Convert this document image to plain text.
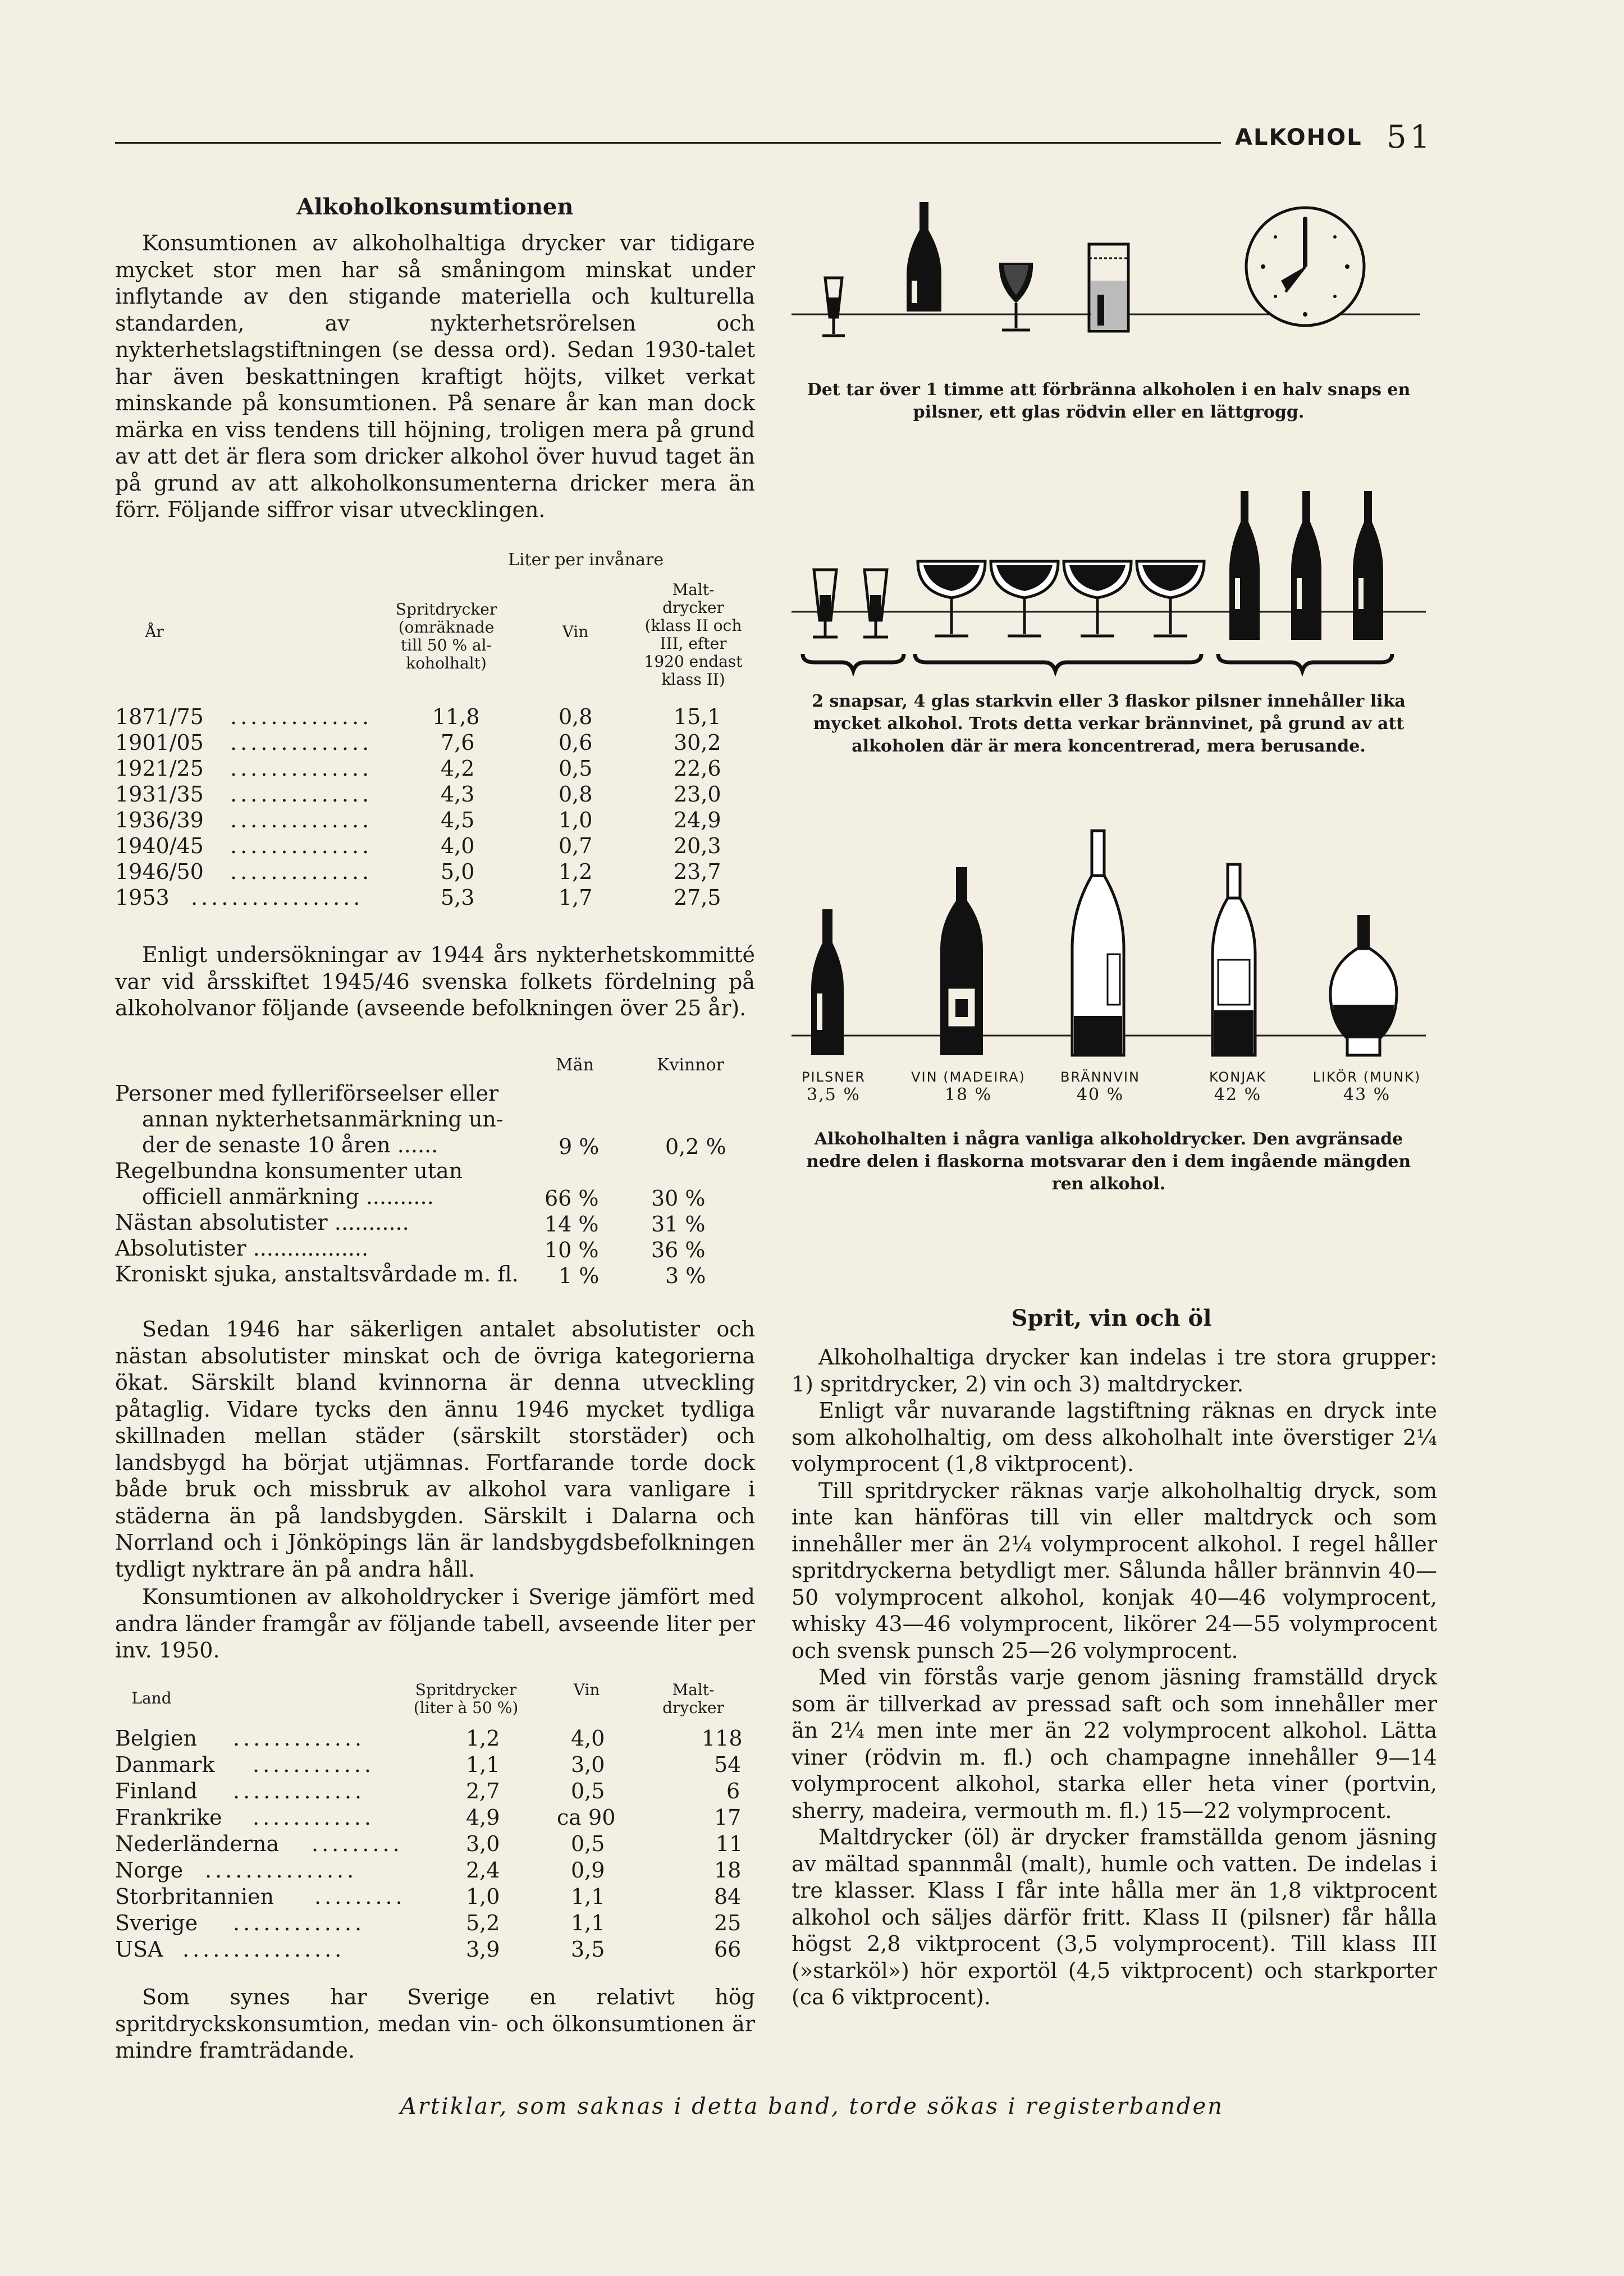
ALKOHOL 51
Alkoholkonsumtionen

Konsumtionen av alkoholhaltiga drycker var tidigare mycket stor men har så småningom minskat under inflytande av den stigande materiella och kulturella standarden, av nykterhetsrörelsen och nykterhetslagstiftningen (se dessa ord). Sedan 1930-talet har även beskattningen kraftigt höjts, vilket verkat minskande på konsumtionen. På senare år kan man dock märka en viss tendens till höjning, troligen mera på grund av att det är flera som dricker alkohol över huvud taget än på grund av att alkoholkonsumenterna dricker mera än förr. Följande siffror visar utvecklingen.

Liter per invånare
År
Spritdrycker
(omräknade
till 50 % al-
koholhalt)
Vin
Malt-
drycker
(klass II och
III, efter
1920 endast
klass II)
1871/75 ..............	11,8	0,8	15,1
1901/05 ..............	7,6	0,6	30,2
1921/25 ..............	4,2	0,5	22,6
1931/35 ..............	4,3	0,8	23,0
1936/39 ..............	4,5	1,0	24,9
1940/45 ..............	4,0	0,7	20,3
1946/50 ..............	5,0	1,2	23,7
1953 .................	5,3	1,7	27,5

Enligt undersökningar av 1944 års nykterhetskommitté var vid årsskiftet 1945/46 svenska folkets fördelning på alkoholvanor följande (avseende befolkningen över 25 år).

Män	Kvinnor
Personer med fylleriförseelser eller
annan nykterhetsanmärkning un-
der de senaste 10 åren ......	9 %	0,2 %
Regelbundna konsumenter utan
officiell anmärkning ..........	66 % 30 %
Nästan absolutister ...........	14 % 31 %
Absolutister .................	10 % 36 %
Kroniskt sjuka, anstaltsvårdade m. fl. 1 %	3 %

Sedan 1946 har säkerligen antalet absolutister och nästan absolutister minskat och de övriga kategorierna ökat. Särskilt bland kvinnorna är denna utveckling påtaglig. Vidare tycks den ännu 1946 mycket tydliga skillnaden mellan städer (särskilt storstäder) och landsbygd ha börjat utjämnas. Fortfarande torde dock både bruk och missbruk av alkohol vara vanligare i städerna än på landsbygden. Särskilt i Dalarna och Norrland och i Jönköpings län är landsbygdsbefolkningen tydligt nyktrare än på andra håll.

Konsumtionen av alkoholdrycker i Sverige jämfört med andra länder framgår av följande tabell, avseende liter per inv. 1950.

Land	Spritdrycker
(liter à 50 %)
Vin	Malt-
drycker
Belgien .............	1,2	4,0	118
Danmark ............	1,1	3,0	54
Finland .............	2,7	0,5	6
Frankrike ............	4,9	ca 90	17
Nederländerna .........	3,0	0,5	11
Norge ...............	2,4	0,9	18
Storbritannien .........	1,0	1,1	84
Sverige .............	5,2	1,1	25
USA ................	3,9	3,5	66

Som synes har Sverige en relativt hög spritdryckskonsumtion, medan vin- och ölkonsumtionen är mindre framträdande.

Det tar över 1 timme att förbränna alkoholen i en halv snaps en pilsner, ett glas rödvin eller en lättgrogg.
2 snapsar, 4 glas starkvin eller 3 flaskor pilsner innehåller lika mycket alkohol. Trots detta verkar brännvinet, på grund av att alkoholen där är mera koncentrerad, mera berusande.
PILSNER
3,5 %
VIN (MADEIRA)
18 %
BRÄNNVIN
40 %
KONJAK
42 %
LIKÖR (MUNK)
43 %
Alkoholhalten i några vanliga alkoholdrycker. Den avgränsade nedre delen i flaskorna motsvarar den i dem ingående mängden ren alkohol.
Sprit, vin och öl

Alkoholhaltiga drycker kan indelas i tre stora grupper: 1) spritdrycker, 2) vin och 3) maltdrycker.

Enligt vår nuvarande lagstiftning räknas en dryck inte som alkoholhaltig, om dess alkoholhalt inte överstiger 2¼ volymprocent (1,8 viktprocent).

Till spritdrycker räknas varje alkoholhaltig dryck, som inte kan hänföras till vin eller maltdryck och som innehåller mer än 2¼ volymprocent alkohol. I regel håller spritdryckerna betydligt mer. Sålunda håller brännvin 40—50 volymprocent alkohol, konjak 40—46 volymprocent, whisky 43—46 volymprocent, likörer 24—55 volymprocent och svensk punsch 25—26 volymprocent.

Med vin förstås varje genom jäsning framställd dryck som är tillverkad av pressad saft och som innehåller mer än 2¼ men inte mer än 22 volymprocent alkohol. Lätta viner (rödvin m. fl.) och champagne innehåller 9—14 volymprocent alkohol, starka eller heta viner (portvin, sherry, madeira, vermouth m. fl.) 15—22 volymprocent.

Maltdrycker (öl) är drycker framställda genom jäsning av mältad spannmål (malt), humle och vatten. De indelas i tre klasser. Klass I får inte hålla mer än 1,8 viktprocent alkohol och säljes därför fritt. Klass II (pilsner) får hålla högst 2,8 viktprocent (3,5 volymprocent). Till klass III (»starköl») hör exportöl (4,5 viktprocent) och starkporter (ca 6 viktprocent).

Artiklar, som saknas i detta band, torde sökas i registerbanden
